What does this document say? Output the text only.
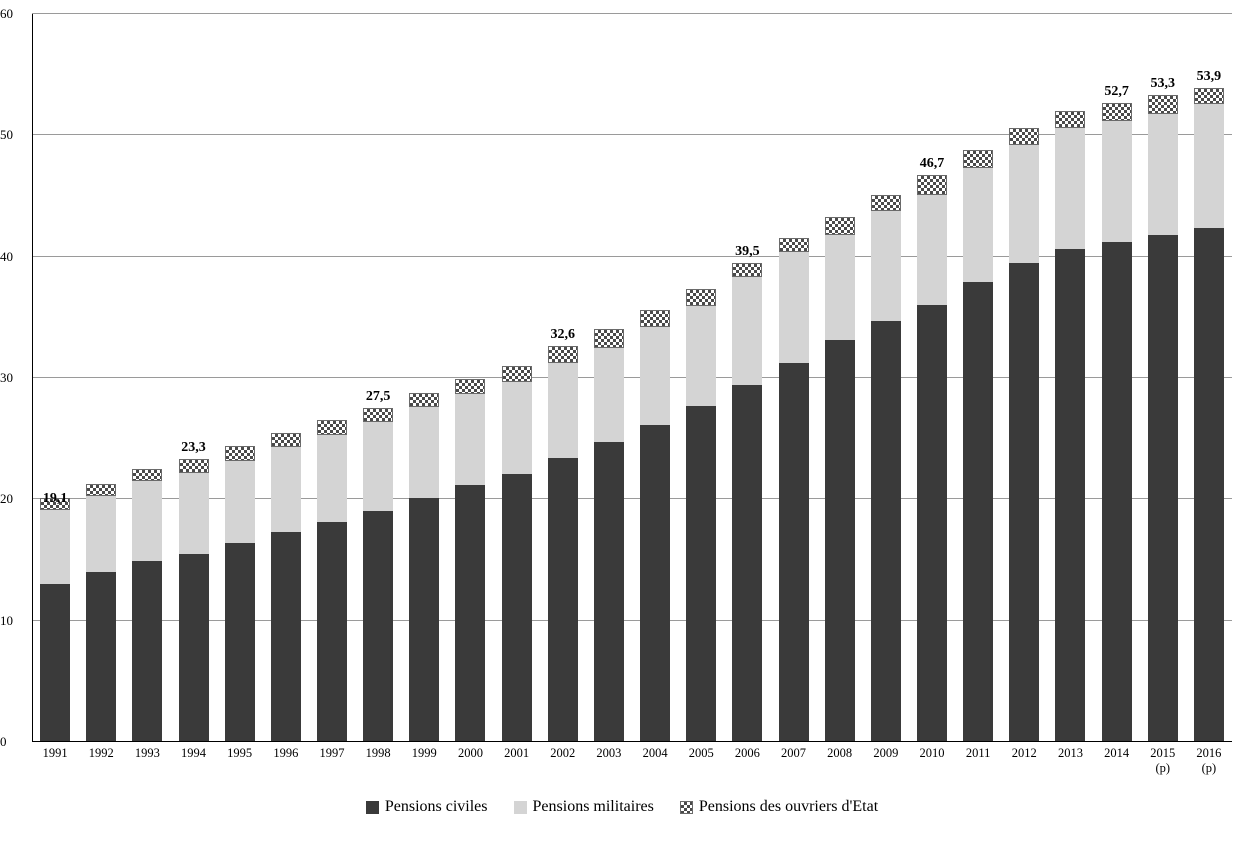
19,1
23,3
27,5
32,6
39,5
46,7
52,7 53,3 53,9
0
10
20
30
40
50
60
1991	1992	1993	1994	1995	1996	1997	1998	1999	2000	2001	2002	2003	2004	2005	2006	2007	2008	2009	2010	2011	2012	2013	2014	2015
(p)
2016
(p)
Pensions civiles	Pensions militaires	Pensions des ouvriers d'Etat
